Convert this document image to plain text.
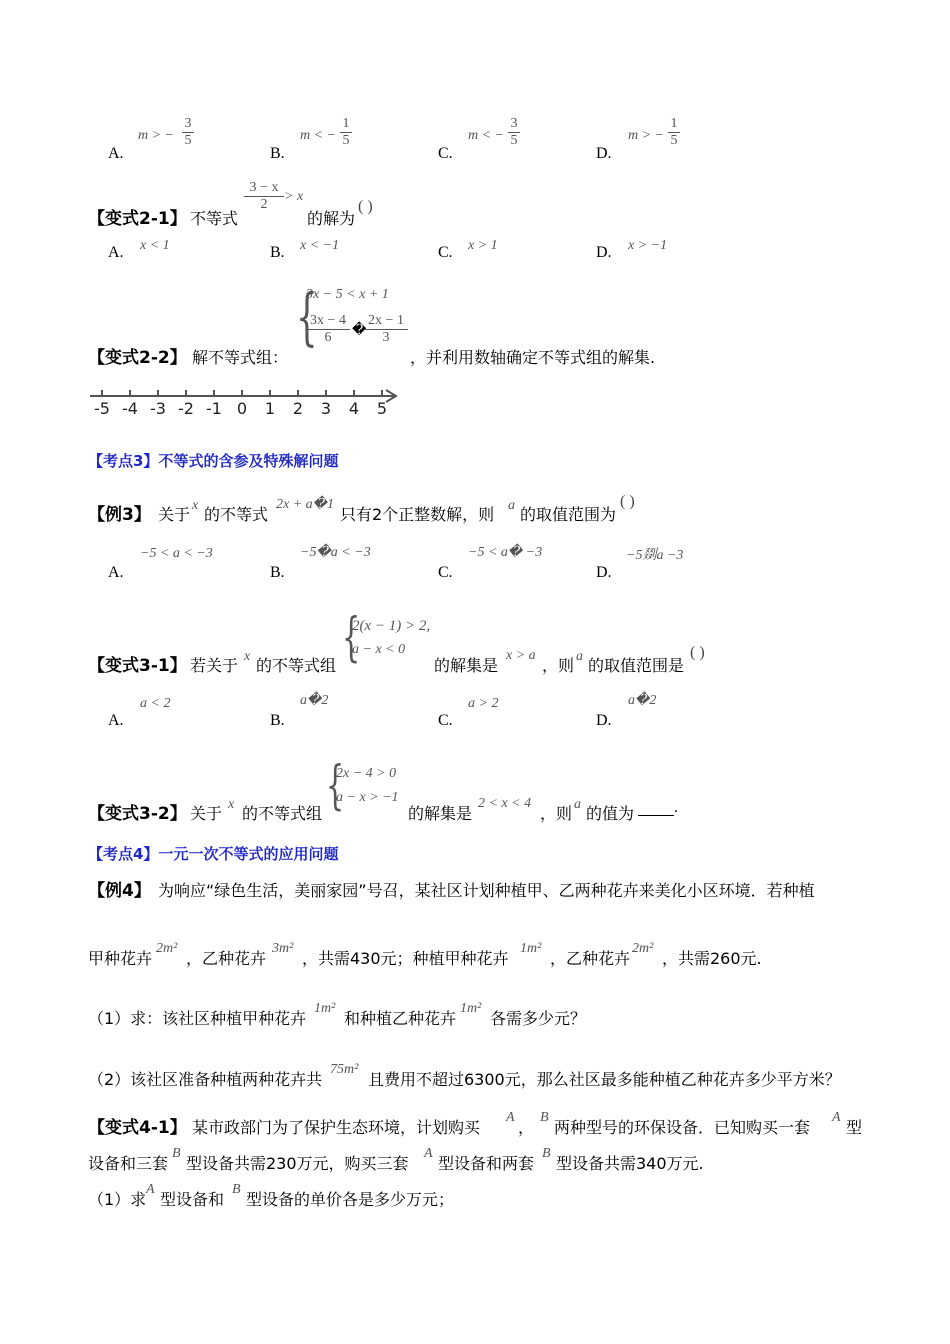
A.
m > −
3
5
B.
m < −
1
5
C.
m < −
3
5
D.
m > −
1
5
【变式2-1】 不等式
3 − x
2
> x
的解为
( )
A. x < 1	B. x < −1	C. x > 1	D. x > −1
【变式2-2】 解不等式组：
{
3x − 5 < x + 1
3x − 4
6 �
2x − 1
3
，并利用数轴确定不等式组的解集.
-5 -4 -3 -2 -1 0 1 2 3 4 5
【考点3】不等式的含参及特殊解问题
【例3】 关于 x 的不等式
2x + a�1
只有2个正整数解，则 a 的取值范围为
( )
A.
−5 < a < −3
B.
−5�a < −3
C.
−5 < a� −3
D.
−5剟a −3
【变式3-1】 若关于 x 的不等式组 {
2(x − 1) > 2,
a − x < 0
的解集是
x > a
，则 a 的取值范围是
( )
A.
a < 2
B.
a�2
C.
a > 2
D.
a�2
【变式3-2】 关于 x 的不等式组 {
2x − 4 > 0
a − x > −1
的解集是
2 < x < 4
，则 a 的值为 .
【考点4】一元一次不等式的应用问题
【例4】 为响应“绿色生活，美丽家园”号召，某社区计划种植甲、乙两种花卉来美化小区环境．若种植
甲种花卉
2m²
，乙种花卉
3m²
，共需430元；种植甲种花卉
1m²
，乙种花卉
2m²
，共需260元.
（1）求：该社区种植甲种花卉
1m²
和种植乙种花卉
1m²
各需多少元？
（2）该社区准备种植两种花卉共
75m²
且费用不超过6300元，那么社区最多能种植乙种花卉多少平方米？
【变式4-1】 某市政部门为了保护生态环境，计划购买
A
，
B
两种型号的环保设备．已知购买一套
A
型
设备和三套
B
型设备共需230万元，购买三套
A
型设备和两套
B
型设备共需340万元.
（1）求
A
型设备和
B
型设备的单价各是多少万元；
